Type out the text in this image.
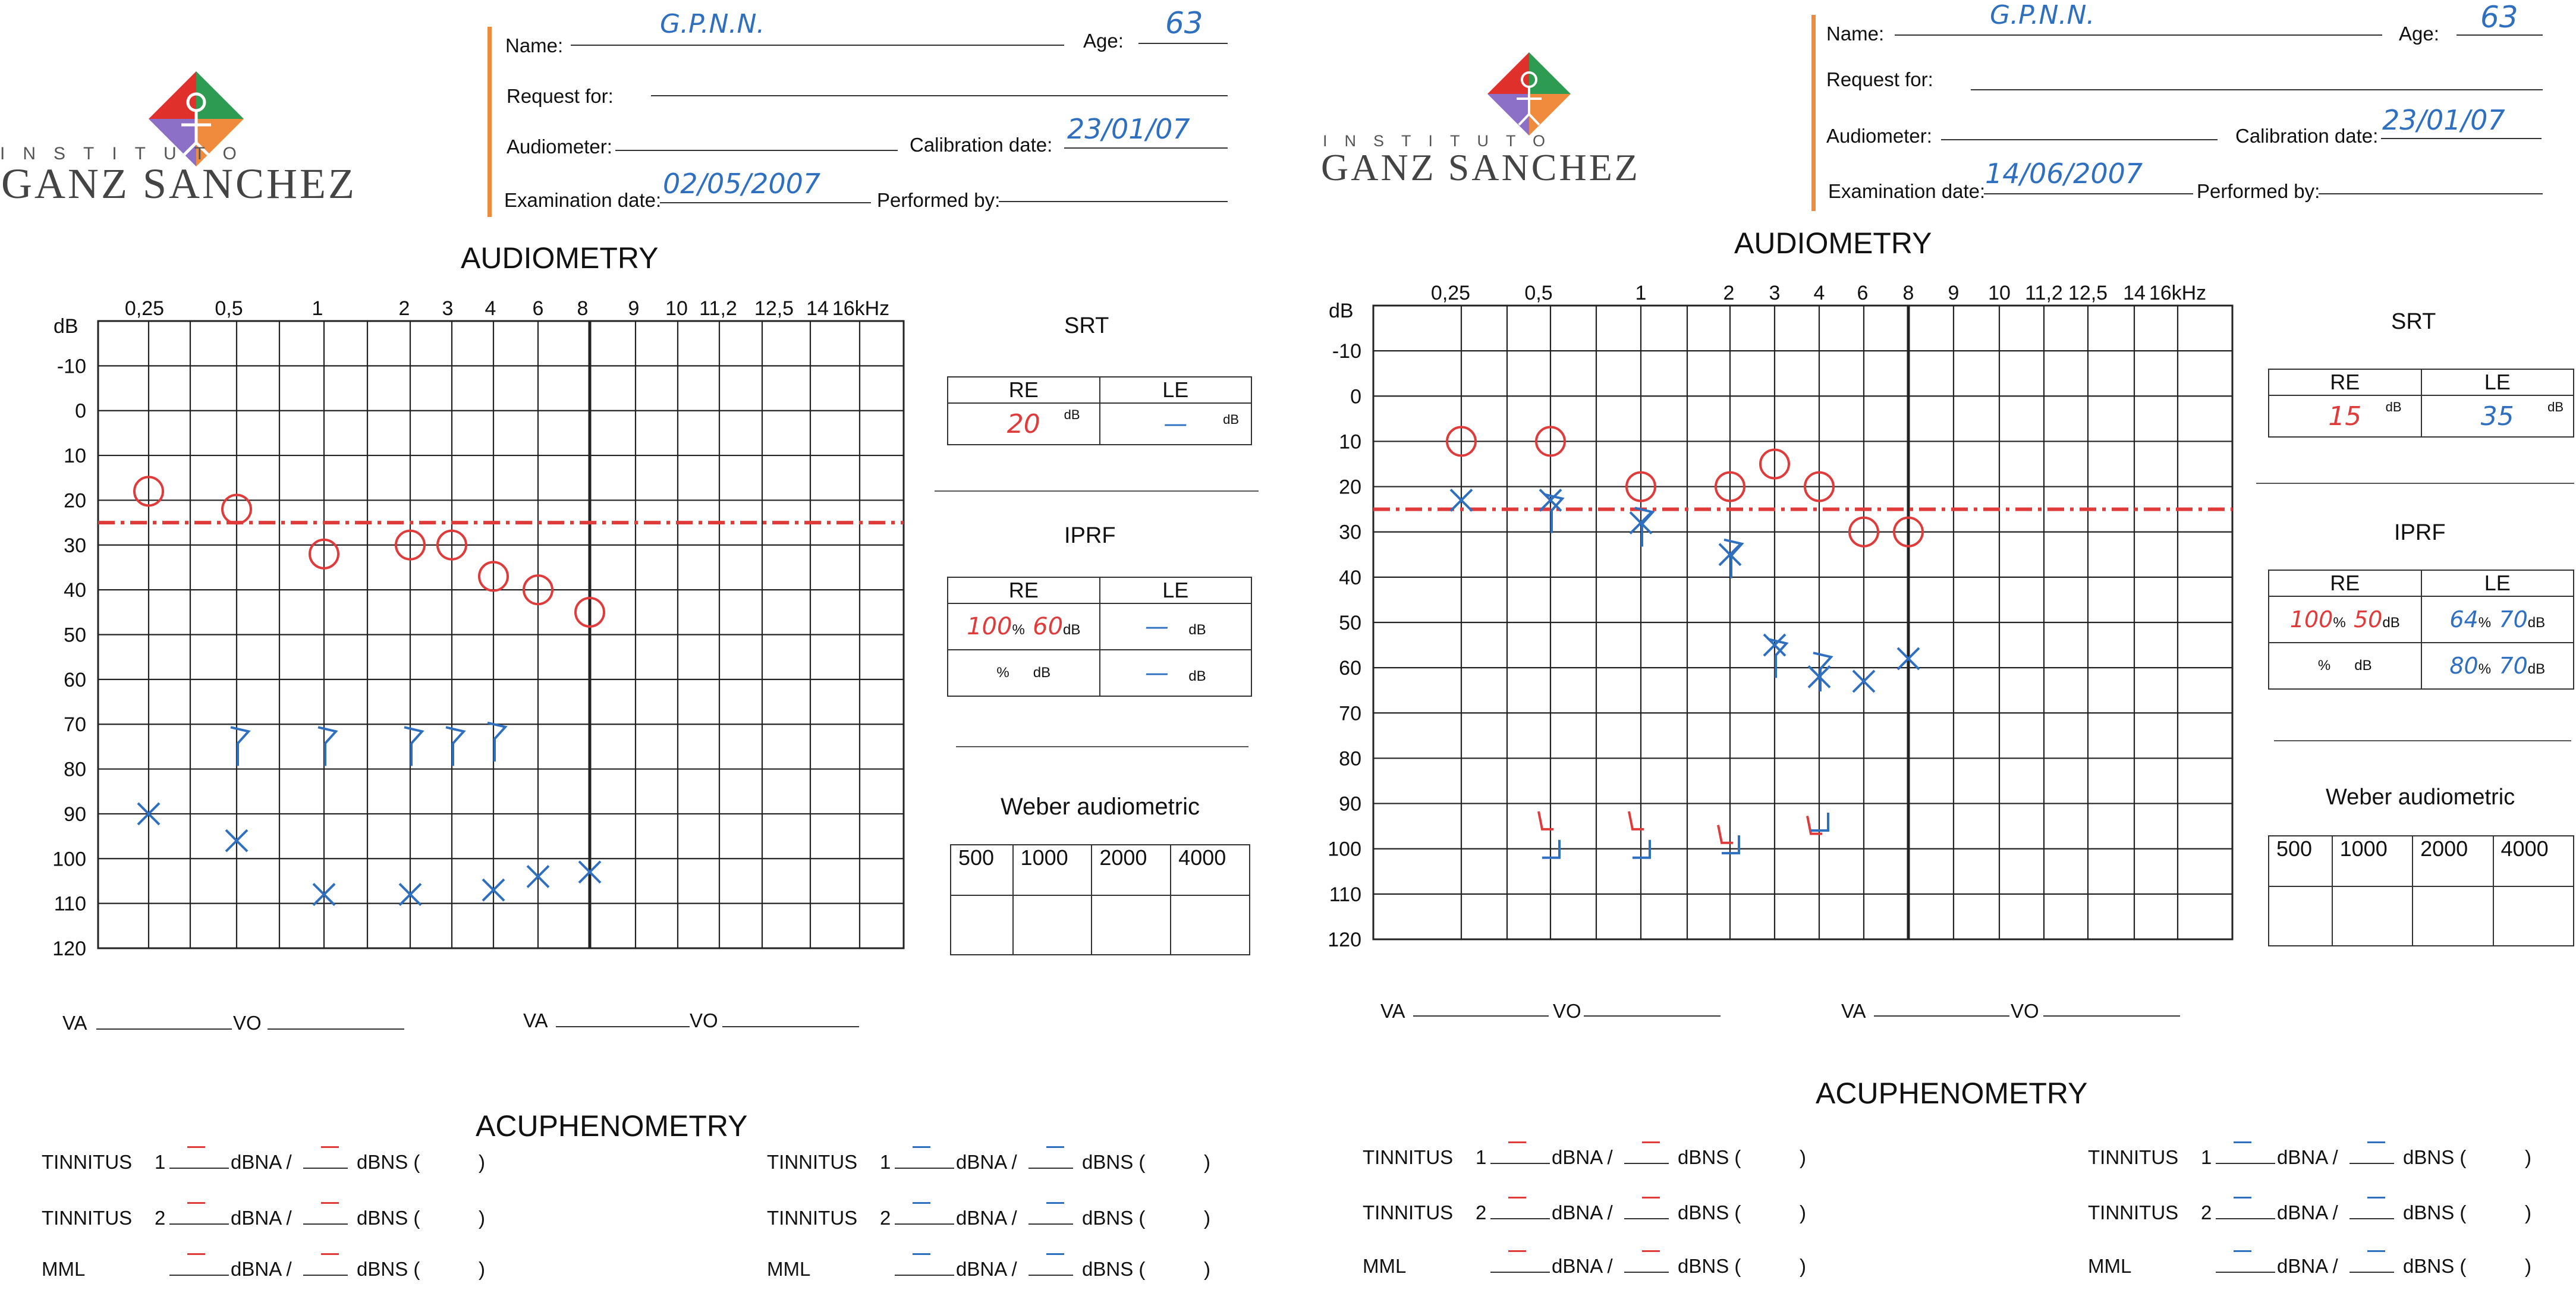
INSTITUTO
GANZ SANCHEZ
Name:
G.P.N.N.
Age:
63
Request for:
Audiometer:	Calibration date: 23/01/07
Examination date:
02/05/2007
Performed by:
AUDIOMETRY
dB
-10
0
10
20
30
40
50
60
70
80
90
100
110
120
0,25	0,5	1	2 3 4 6 8 9 10 11,2 12,5 14 16kHz
SRT
RE	LE
20 dB	— dB
IPRF
RE	LE
100% 60dB	— dB
% dB	— dB
Weber audiometric
500	1000	2000	4000

VA	VO	VA	VO
ACUPHENOMETRY
TINNITUS 1	dBNA /	dBNS (	)
TINNITUS 2	dBNA /	dBNS (	)
MML	dBNA /	dBNS (	)
TINNITUS 1	dBNA /	dBNS (	)
TINNITUS 2	dBNA /	dBNS (	)
MML	dBNA /	dBNS (	)
INSTITUTO
GANZ SANCHEZ
Name:
G.P.N.N.
Age: 63
Request for:
Audiometer:	Calibration date: 23/01/07
Examination date:
14/06/2007
Performed by:
AUDIOMETRY
dB
-10
0
10
20
30
40
50
60
70
80
90
100
110
120
0,25	0,5	1	2 3 4 6 8 9 10 11,2 12,5 14 16kHz
SRT
RE	LE
15 dB	35 dB
IPRF
RE	LE
100% 50dB	64% 70dB
% dB	80% 70dB
Weber audiometric
500	1000	2000	4000

VA	VO	VA	VO
ACUPHENOMETRY
TINNITUS 1	dBNA /	dBNS (	)
TINNITUS 2	dBNA /	dBNS (	)
MML	dBNA /	dBNS (	)
TINNITUS 1	dBNA /	dBNS (	)
TINNITUS 2	dBNA /	dBNS (	)
MML	dBNA /	dBNS (	)
